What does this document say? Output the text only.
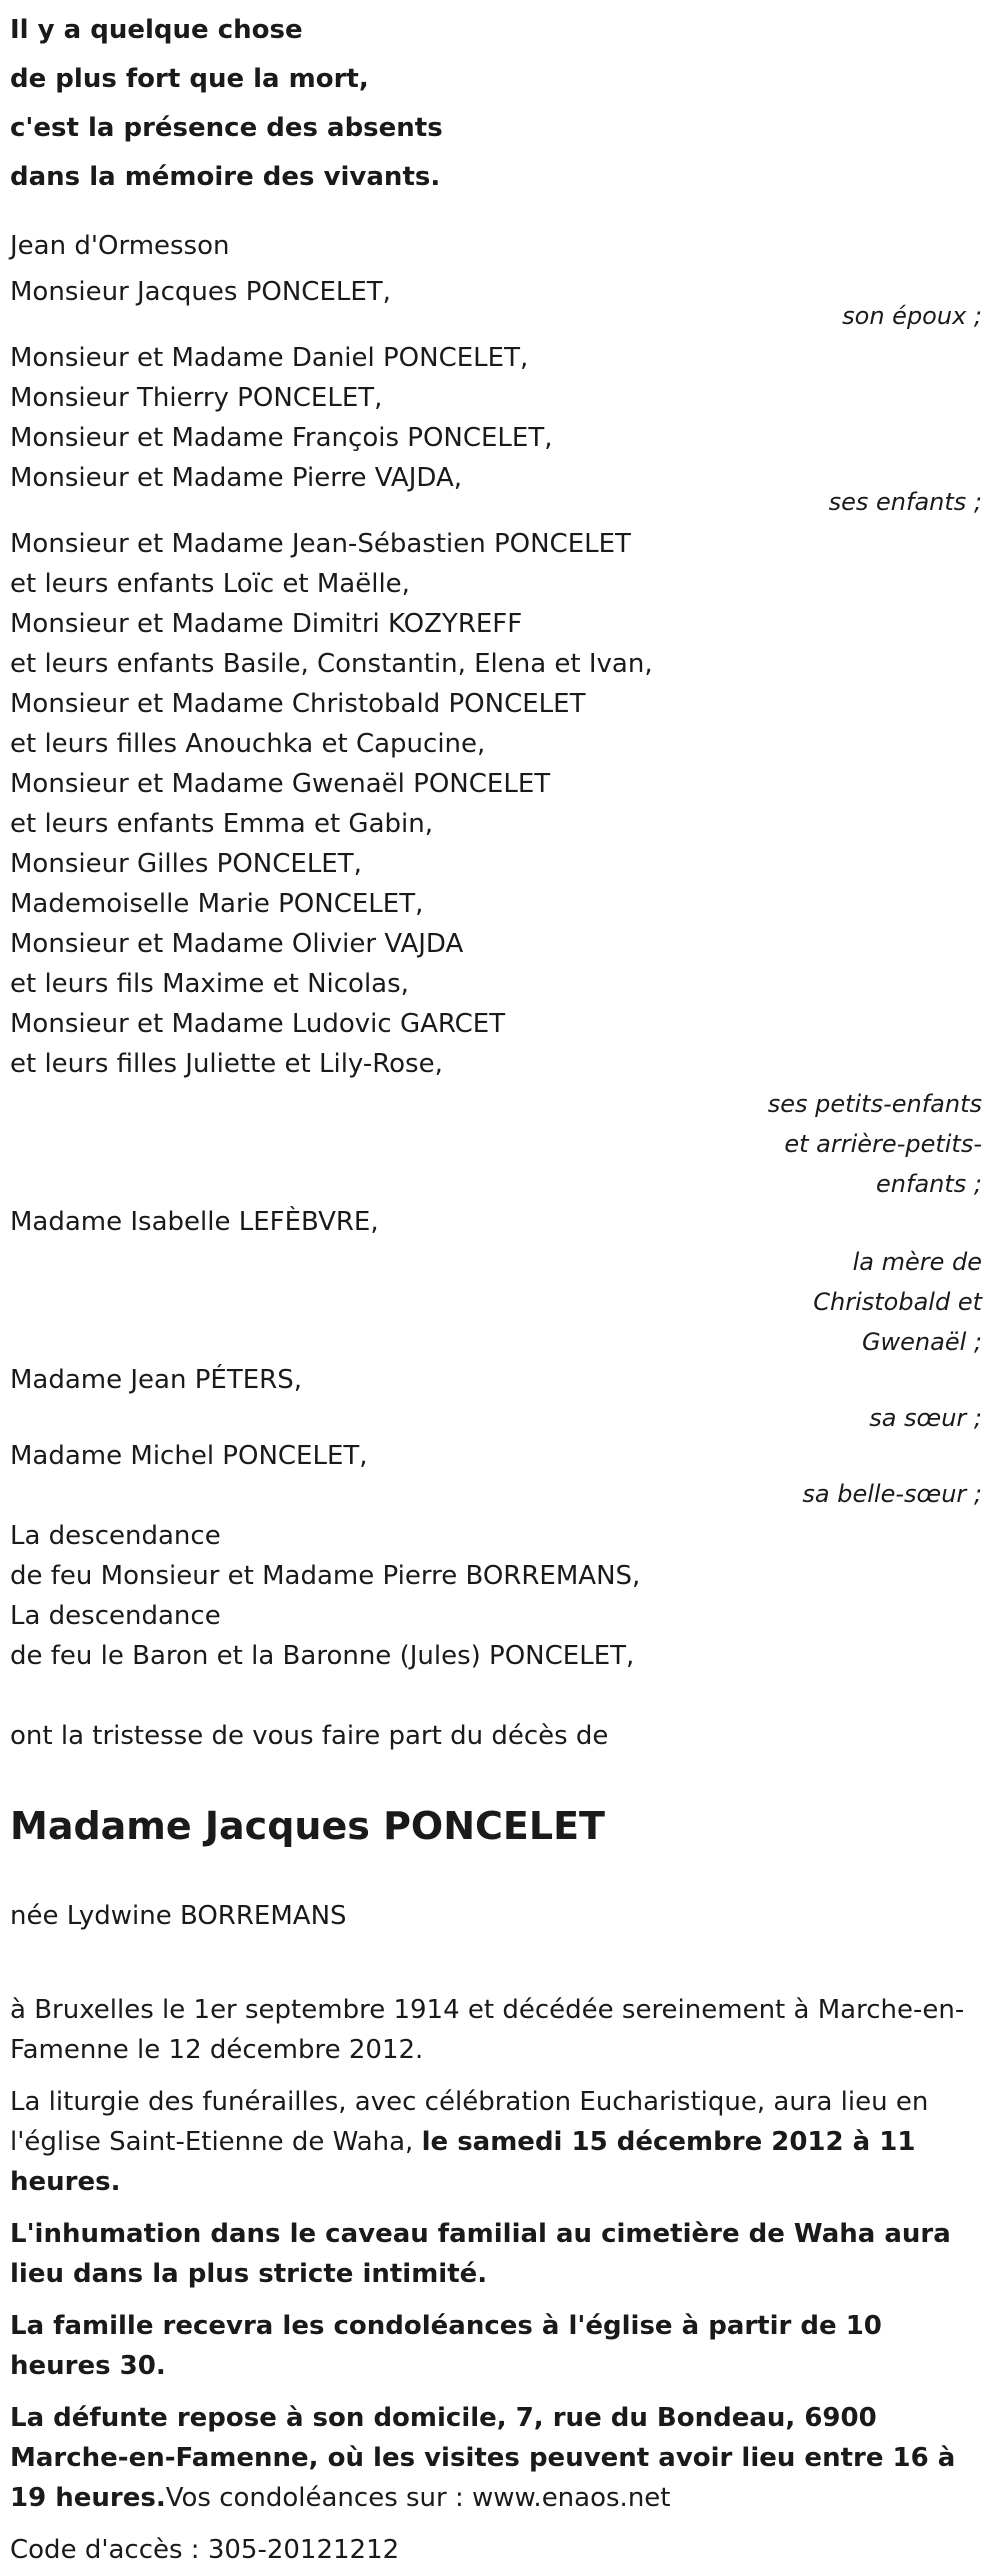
Il y a quelque chose
de plus fort que la mort,
c'est la présence des absents
dans la mémoire des vivants.
Jean d'Ormesson
Monsieur Jacques PONCELET,
son époux ;
Monsieur et Madame Daniel PONCELET,
Monsieur Thierry PONCELET,
Monsieur et Madame François PONCELET,
Monsieur et Madame Pierre VAJDA,
ses enfants ;
Monsieur et Madame Jean-Sébastien PONCELET
et leurs enfants Loïc et Maëlle,
Monsieur et Madame Dimitri KOZYREFF
et leurs enfants Basile, Constantin, Elena et Ivan,
Monsieur et Madame Christobald PONCELET
et leurs filles Anouchka et Capucine,
Monsieur et Madame Gwenaël PONCELET
et leurs enfants Emma et Gabin,
Monsieur Gilles PONCELET,
Mademoiselle Marie PONCELET,
Monsieur et Madame Olivier VAJDA
et leurs fils Maxime et Nicolas,
Monsieur et Madame Ludovic GARCET
et leurs filles Juliette et Lily-Rose,
ses petits-enfants
et arrière-petits-
enfants ;
Madame Isabelle LEFÈBVRE,
la mère de
Christobald et
Gwenaël ;
Madame Jean PÉTERS,
sa sœur ;
Madame Michel PONCELET,
sa belle-sœur ;
La descendance
de feu Monsieur et Madame Pierre BORREMANS,
La descendance
de feu le Baron et la Baronne (Jules) PONCELET,
ont la tristesse de vous faire part du décès de
Madame Jacques PONCELET
née Lydwine BORREMANS
à Bruxelles le 1er septembre 1914 et décédée sereinement à Marche-en-Famenne le 12 décembre 2012.
La liturgie des funérailles, avec célébration Eucharistique, aura lieu en l'église Saint-Etienne de Waha, le samedi 15 décembre 2012 à 11 heures.
L'inhumation dans le caveau familial au cimetière de Waha aura lieu dans la plus stricte intimité.
La famille recevra les condoléances à l'église à partir de 10 heures 30.
La défunte repose à son domicile, 7, rue du Bondeau, 6900 Marche-en-Famenne, où les visites peuvent avoir lieu entre 16 à 19 heures.Vos condoléances sur : www.enaos.net
Code d'accès : 305-20121212
